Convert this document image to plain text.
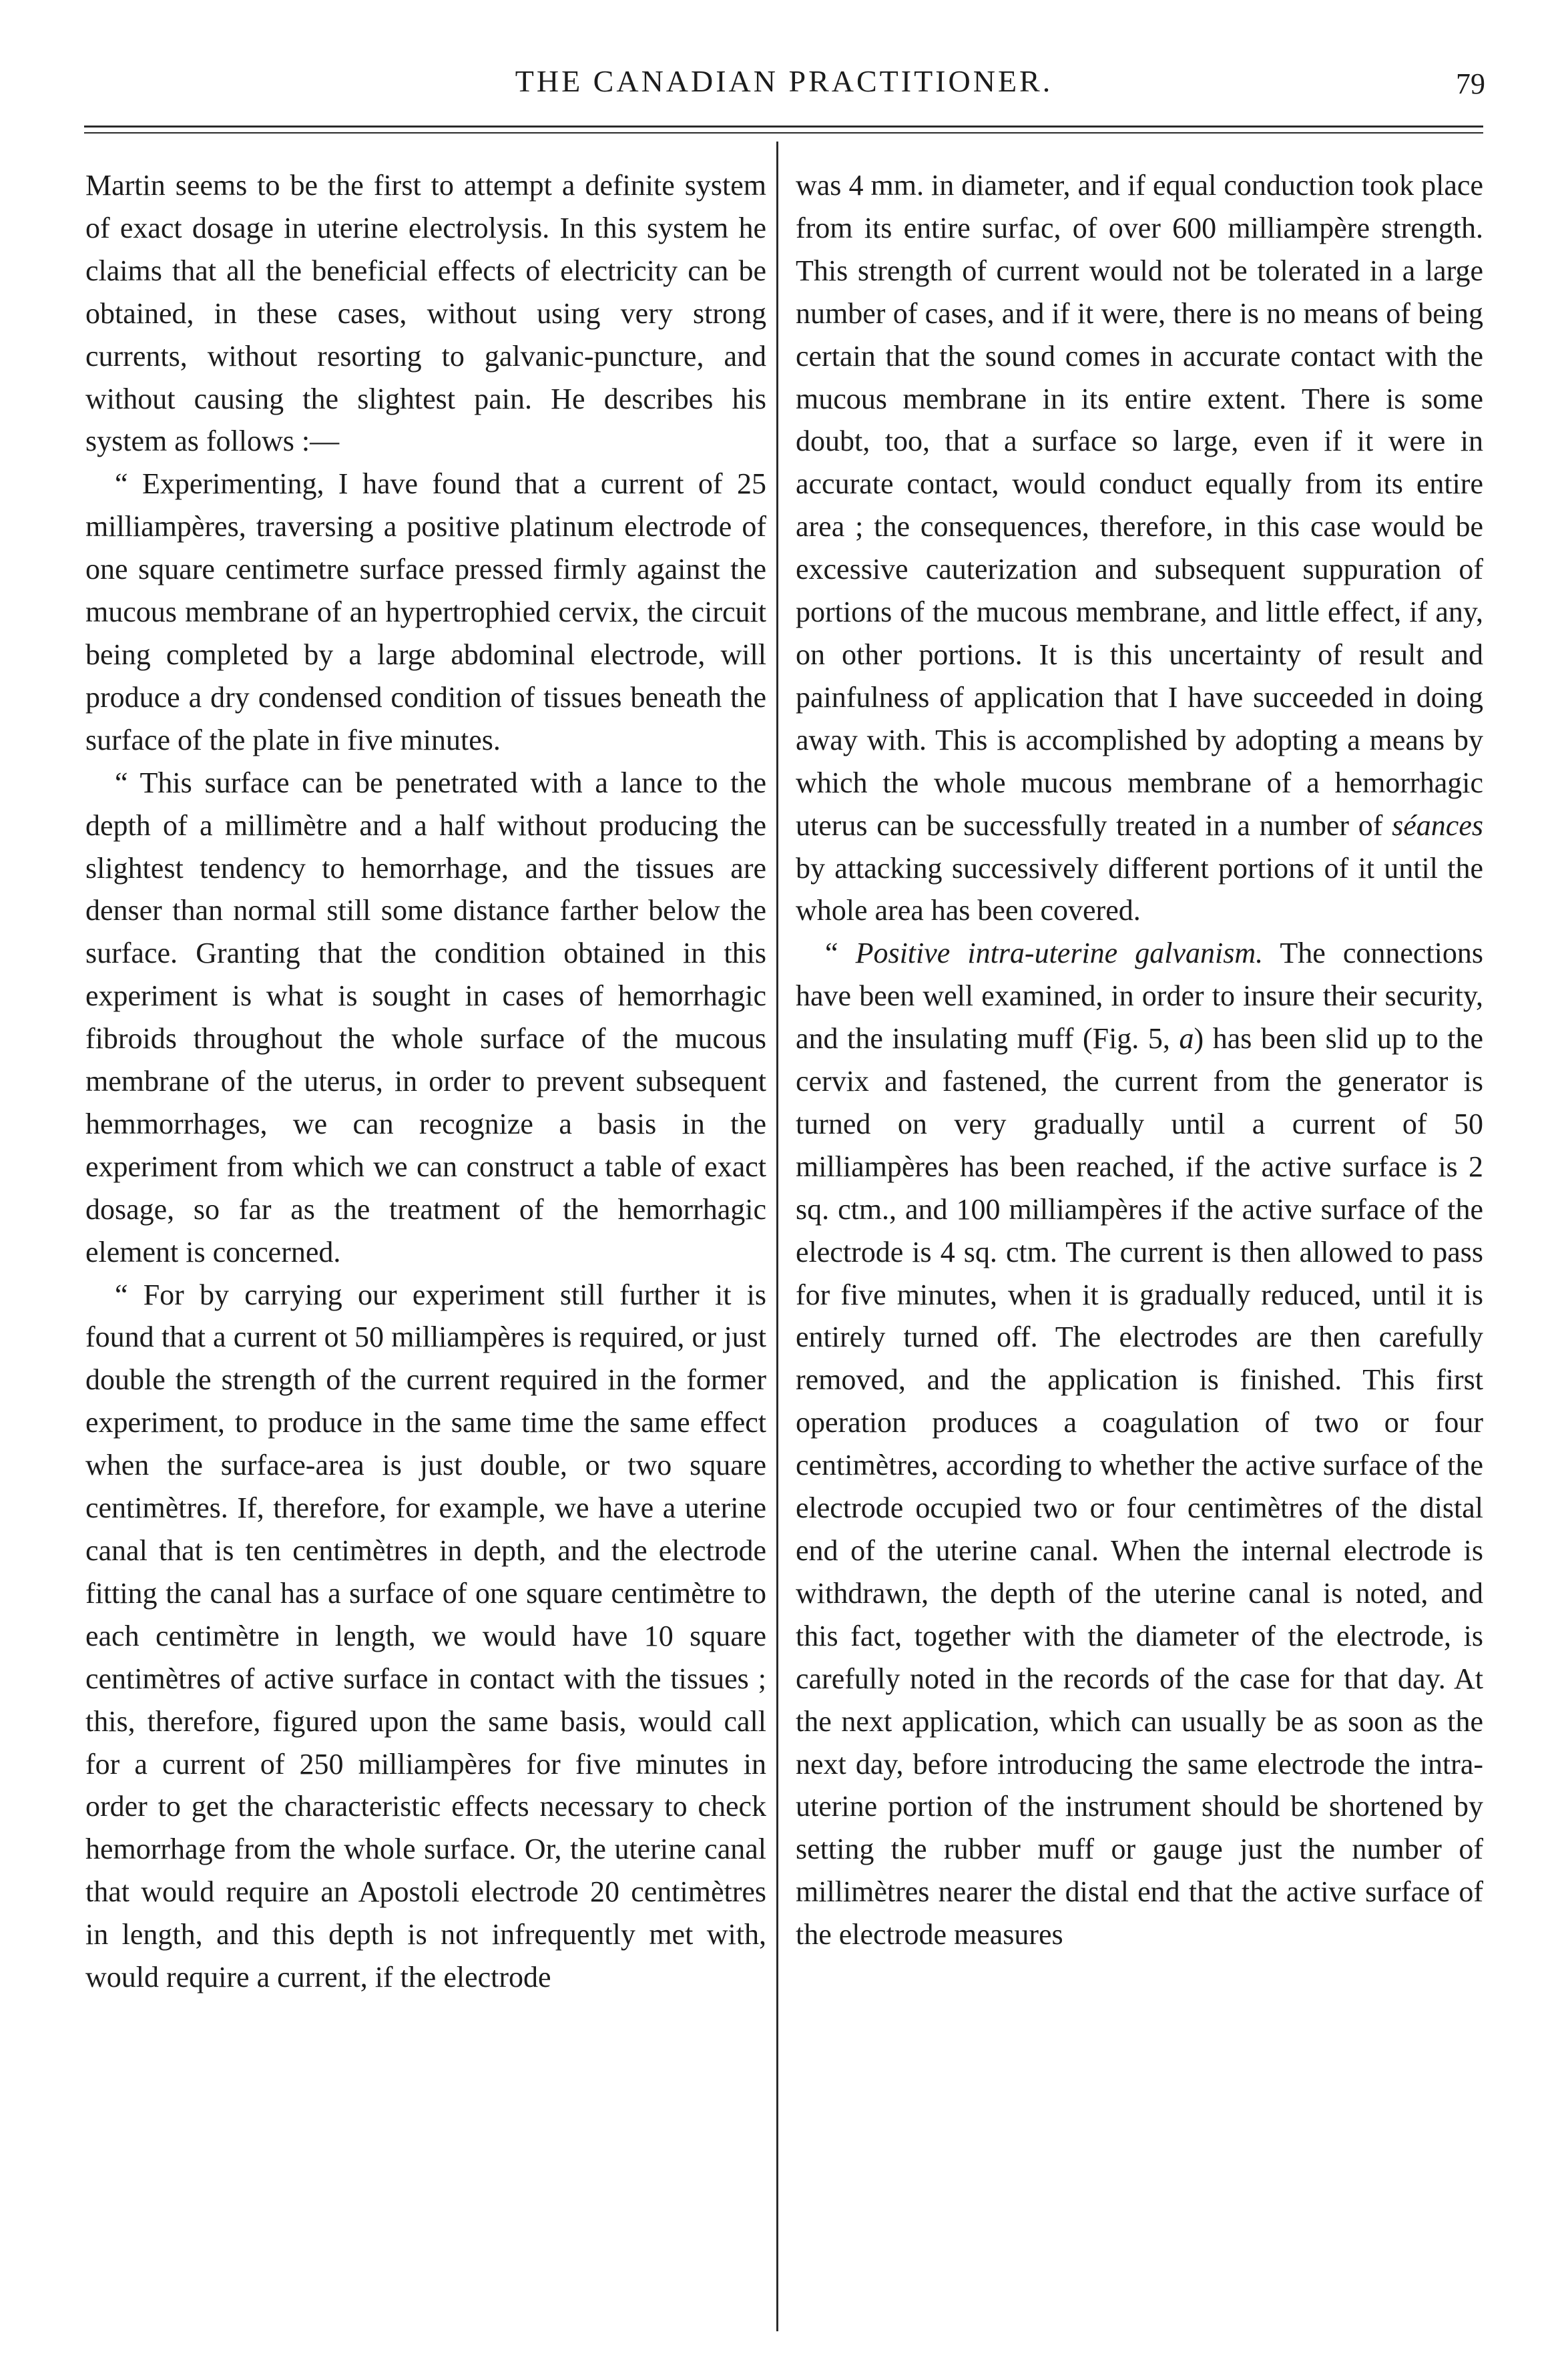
THE CANADIAN PRACTITIONER.	79

Martin seems to be the first to attempt a definite system of exact dosage in uterine electrolysis. In this system he claims that all the beneficial effects of electricity can be obtained, in these cases, without using very strong currents, without resorting to galvanic-puncture, and without causing the slightest pain. He describes his system as follows :—

“ Experimenting, I have found that a current of 25 milliampères, traversing a positive platinum electrode of one square centimetre surface pressed firmly against the mucous membrane of an hypertrophied cervix, the circuit being completed by a large abdominal electrode, will produce a dry condensed condition of tissues beneath the surface of the plate in five minutes.

“ This surface can be penetrated with a lance to the depth of a millimètre and a half without producing the slightest tendency to hemorrhage, and the tissues are denser than normal still some distance farther below the surface. Granting that the condition obtained in this experiment is what is sought in cases of hemorrhagic fibroids throughout the whole surface of the mucous membrane of the uterus, in order to prevent subsequent hemmorrhages, we can recognize a basis in the experiment from which we can construct a table of exact dosage, so far as the treatment of the hemorrhagic element is concerned.

“ For by carrying our experiment still further it is found that a current ot 50 milliampères is required, or just double the strength of the current required in the former experiment, to produce in the same time the same effect when the surface-area is just double, or two square centimètres. If, therefore, for example, we have a uterine canal that is ten centimètres in depth, and the electrode fitting the canal has a surface of one square centimètre to each centimètre in length, we would have 10 square centimètres of active surface in contact with the tissues ; this, therefore, figured upon the same basis, would call for a current of 250 milliampères for five minutes in order to get the characteristic effects necessary to check hemorrhage from the whole surface. Or, the uterine canal that would require an Apostoli electrode 20 centimètres in length, and this depth is not infrequently met with, would require a current, if the electrode

was 4 mm. in diameter, and if equal conduction took place from its entire surfac, of over 600 milliampère strength. This strength of current would not be tolerated in a large number of cases, and if it were, there is no means of being certain that the sound comes in accurate contact with the mucous membrane in its entire extent. There is some doubt, too, that a surface so large, even if it were in accurate contact, would conduct equally from its entire area ; the consequences, therefore, in this case would be excessive cauterization and subsequent suppuration of portions of the mucous membrane, and little effect, if any, on other portions. It is this uncertainty of result and painfulness of application that I have succeeded in doing away with. This is accomplished by adopting a means by which the whole mucous membrane of a hemorrhagic uterus can be successfully treated in a number of séances by attacking successively different portions of it until the whole area has been covered.

“ Positive intra-uterine galvanism. The connections have been well examined, in order to insure their security, and the insulating muff (Fig. 5, a) has been slid up to the cervix and fastened, the current from the generator is turned on very gradually until a current of 50 milliampères has been reached, if the active surface is 2 sq. ctm., and 100 milliampères if the active surface of the electrode is 4 sq. ctm. The current is then allowed to pass for five minutes, when it is gradually reduced, until it is entirely turned off. The electrodes are then carefully removed, and the application is finished. This first operation produces a coagulation of two or four centimètres, according to whether the active surface of the electrode occupied two or four centimètres of the distal end of the uterine canal. When the internal electrode is withdrawn, the depth of the uterine canal is noted, and this fact, together with the diameter of the electrode, is carefully noted in the records of the case for that day. At the next application, which can usually be as soon as the next day, before introducing the same electrode the intra-uterine portion of the instrument should be shortened by setting the rubber muff or gauge just the number of millimètres nearer the distal end that the active surface of the electrode measures
